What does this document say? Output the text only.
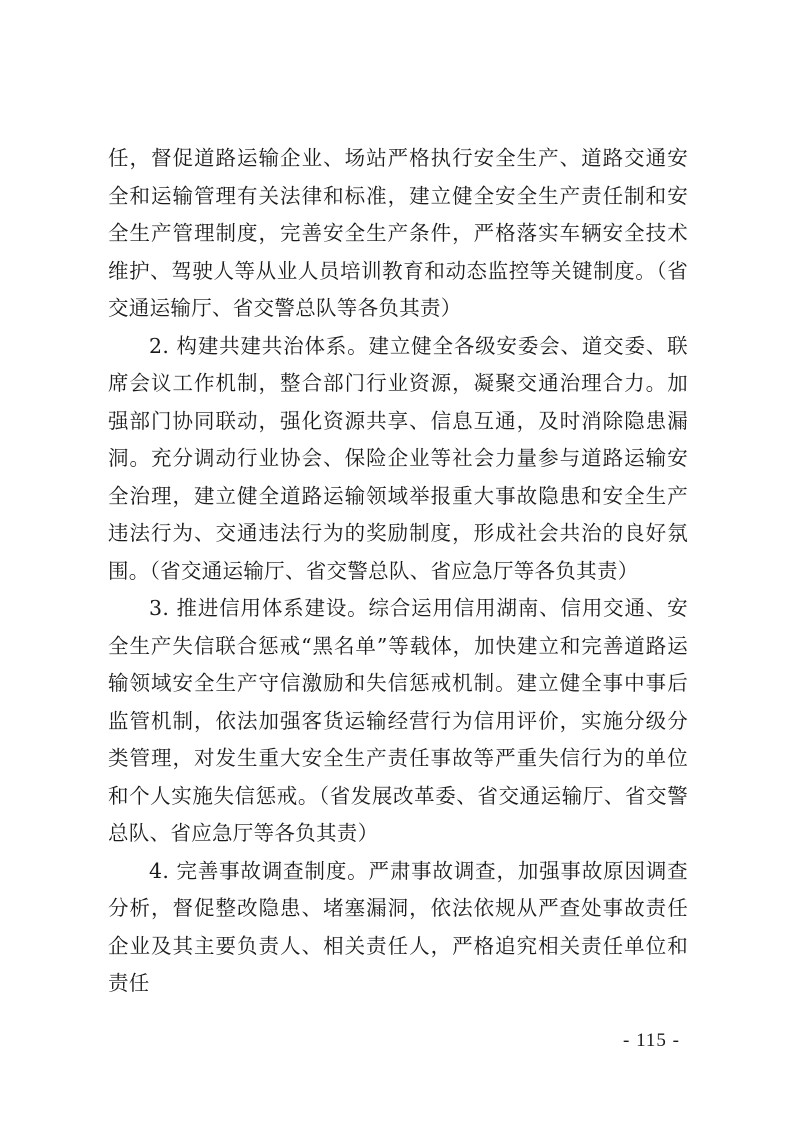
任，督促道路运输企业、场站严格执行安全生产、道路交通安全和运输管理有关法律和标准，建立健全安全生产责任制和安全生产管理制度，完善安全生产条件，严格落实车辆安全技术维护、驾驶人等从业人员培训教育和动态监控等关键制度。（省交通运输厅、省交警总队等各负其责）

2. 构建共建共治体系。建立健全各级安委会、道交委、联席会议工作机制，整合部门行业资源，凝聚交通治理合力。加强部门协同联动，强化资源共享、信息互通，及时消除隐患漏洞。充分调动行业协会、保险企业等社会力量参与道路运输安全治理，建立健全道路运输领域举报重大事故隐患和安全生产违法行为、交通违法行为的奖励制度，形成社会共治的良好氛围。（省交通运输厅、省交警总队、省应急厅等各负其责）

3. 推进信用体系建设。综合运用信用湖南、信用交通、安全生产失信联合惩戒“黑名单”等载体，加快建立和完善道路运输领域安全生产守信激励和失信惩戒机制。建立健全事中事后监管机制，依法加强客货运输经营行为信用评价，实施分级分类管理，对发生重大安全生产责任事故等严重失信行为的单位和个人实施失信惩戒。（省发展改革委、省交通运输厅、省交警总队、省应急厅等各负其责）

4. 完善事故调查制度。严肃事故调查，加强事故原因调查分析，督促整改隐患、堵塞漏洞，依法依规从严查处事故责任企业及其主要负责人、相关责任人，严格追究相关责任单位和责任

- 115 -
